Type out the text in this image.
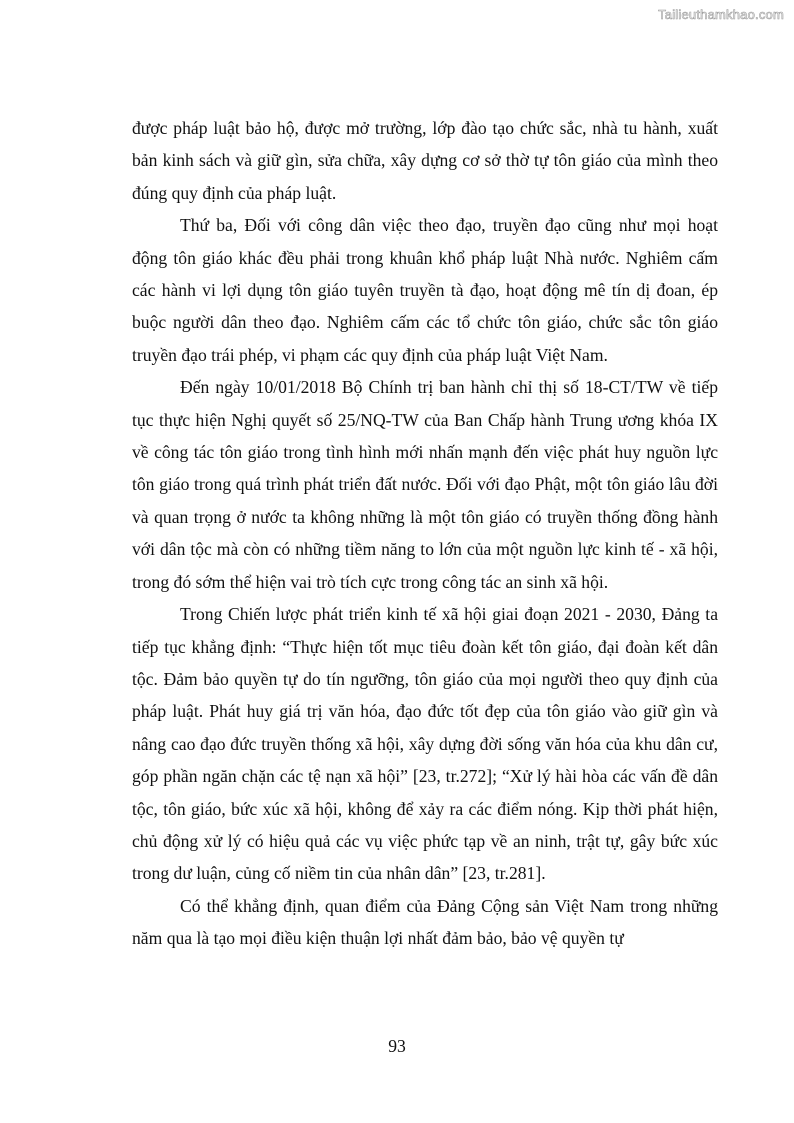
Tailieuthamkhao.com

được pháp luật bảo hộ, được mở trường, lớp đào tạo chức sắc, nhà tu hành, xuất bản kinh sách và giữ gìn, sửa chữa, xây dựng cơ sở thờ tự tôn giáo của mình theo đúng quy định của pháp luật.

Thứ ba, Đối với công dân việc theo đạo, truyền đạo cũng như mọi hoạt động tôn giáo khác đều phải trong khuân khổ pháp luật Nhà nước. Nghiêm cấm các hành vi lợi dụng tôn giáo tuyên truyền tà đạo, hoạt động mê tín dị đoan, ép buộc người dân theo đạo. Nghiêm cấm các tổ chức tôn giáo, chức sắc tôn giáo truyền đạo trái phép, vi phạm các quy định của pháp luật Việt Nam.

Đến ngày 10/01/2018 Bộ Chính trị ban hành chỉ thị số 18-CT/TW về tiếp tục thực hiện Nghị quyết số 25/NQ-TW của Ban Chấp hành Trung ương khóa IX về công tác tôn giáo trong tình hình mới nhấn mạnh đến việc phát huy nguồn lực tôn giáo trong quá trình phát triển đất nước. Đối với đạo Phật, một tôn giáo lâu đời và quan trọng ở nước ta không những là một tôn giáo có truyền thống đồng hành với dân tộc mà còn có những tiềm năng to lớn của một nguồn lực kinh tế - xã hội, trong đó sớm thể hiện vai trò tích cực trong công tác an sinh xã hội.

Trong Chiến lược phát triển kinh tế xã hội giai đoạn 2021 - 2030, Đảng ta tiếp tục khẳng định: “Thực hiện tốt mục tiêu đoàn kết tôn giáo, đại đoàn kết dân tộc. Đảm bảo quyền tự do tín ngưỡng, tôn giáo của mọi người theo quy định của pháp luật. Phát huy giá trị văn hóa, đạo đức tốt đẹp của tôn giáo vào giữ gìn và nâng cao đạo đức truyền thống xã hội, xây dựng đời sống văn hóa của khu dân cư, góp phần ngăn chặn các tệ nạn xã hội” [23, tr.272]; “Xử lý hài hòa các vấn đề dân tộc, tôn giáo, bức xúc xã hội, không để xảy ra các điểm nóng. Kịp thời phát hiện, chủ động xử lý có hiệu quả các vụ việc phức tạp về an ninh, trật tự, gây bức xúc trong dư luận, củng cố niềm tin của nhân dân” [23, tr.281].

Có thể khẳng định, quan điểm của Đảng Cộng sản Việt Nam trong những năm qua là tạo mọi điều kiện thuận lợi nhất đảm bảo, bảo vệ quyền tự

93
